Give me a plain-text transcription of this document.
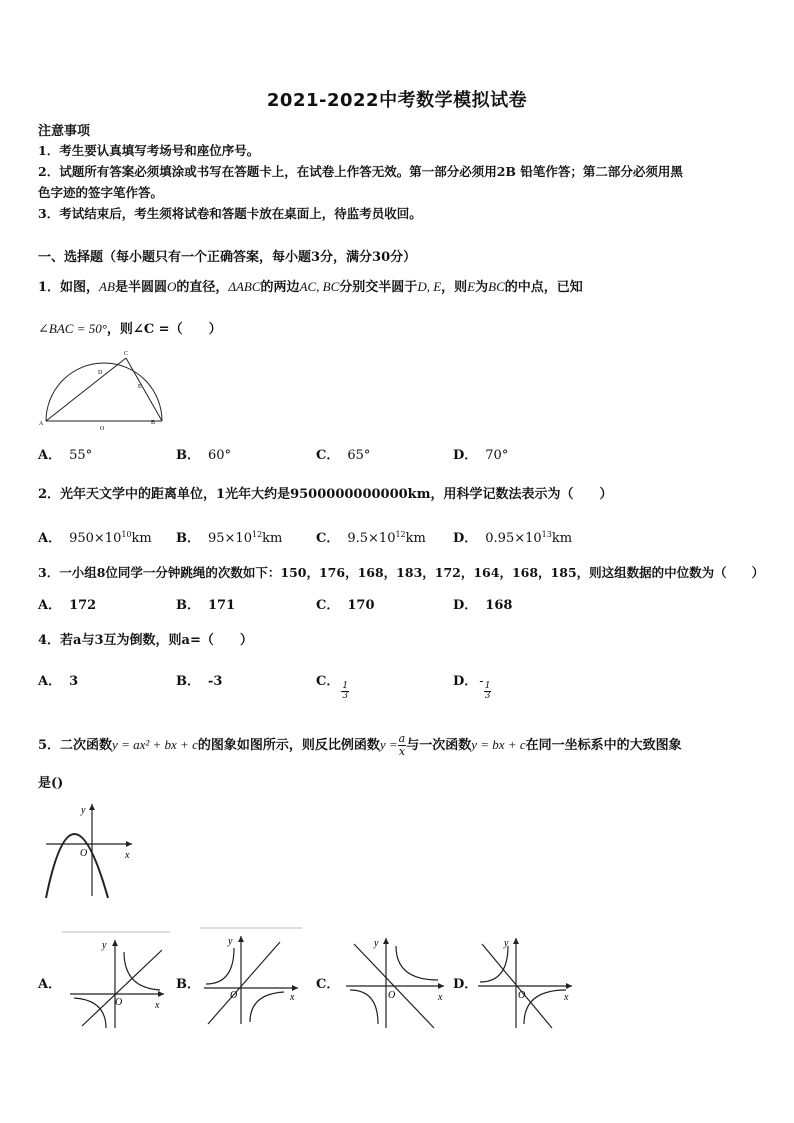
2021-2022中考数学模拟试卷
注意事项
1．考生要认真填写考场号和座位序号。
2．试题所有答案必须填涂或书写在答题卡上，在试卷上作答无效。第一部分必须用2B 铅笔作答；第二部分必须用黑
色字迹的签字笔作答。
3．考试结束后，考生须将试卷和答题卡放在桌面上，待监考员收回。
一、选择题（每小题只有一个正确答案，每小题3分，满分30分）
1．如图，AB是半圆圆O的直径，ΔABC的两边AC, BC分别交半圆于D, E，则E为BC的中点，已知
∠BAC = 50°，则∠C =（　　）
A
O
B
D
C
E
A． 55°	B． 60°	C． 65°	D． 70°
2．光年天文学中的距离单位，1光年大约是9500000000000km，用科学记数法表示为（　　）
A． $950\times 10^{10}km$ B． $95\times 10^{12}km$	C． $9.5\times 10^{12}km$ D． $0.95\times 10^{13}km$
3．一小组8位同学一分钟跳绳的次数如下：150，176，168，183，172，164，168，185，则这组数据的中位数为（　　）
A． 172	B． 171	C． 170	D． 168
4．若a与3互为倒数，则a=（　　）
A． 3	B． -3	C．
$\frac{1}{3}$
D． -
$\frac{1}{3}$
5．二次函数y = ax² + bx + c的图象如图所示，则反比例函数$y = \frac{a}{x}$ 与一次函数y = bx + c在同一坐标系中的大致图象
是()
y
x
O
A．
y
x
O
B．
y
x
O
C．
y
x
O
D．
y
x
O
